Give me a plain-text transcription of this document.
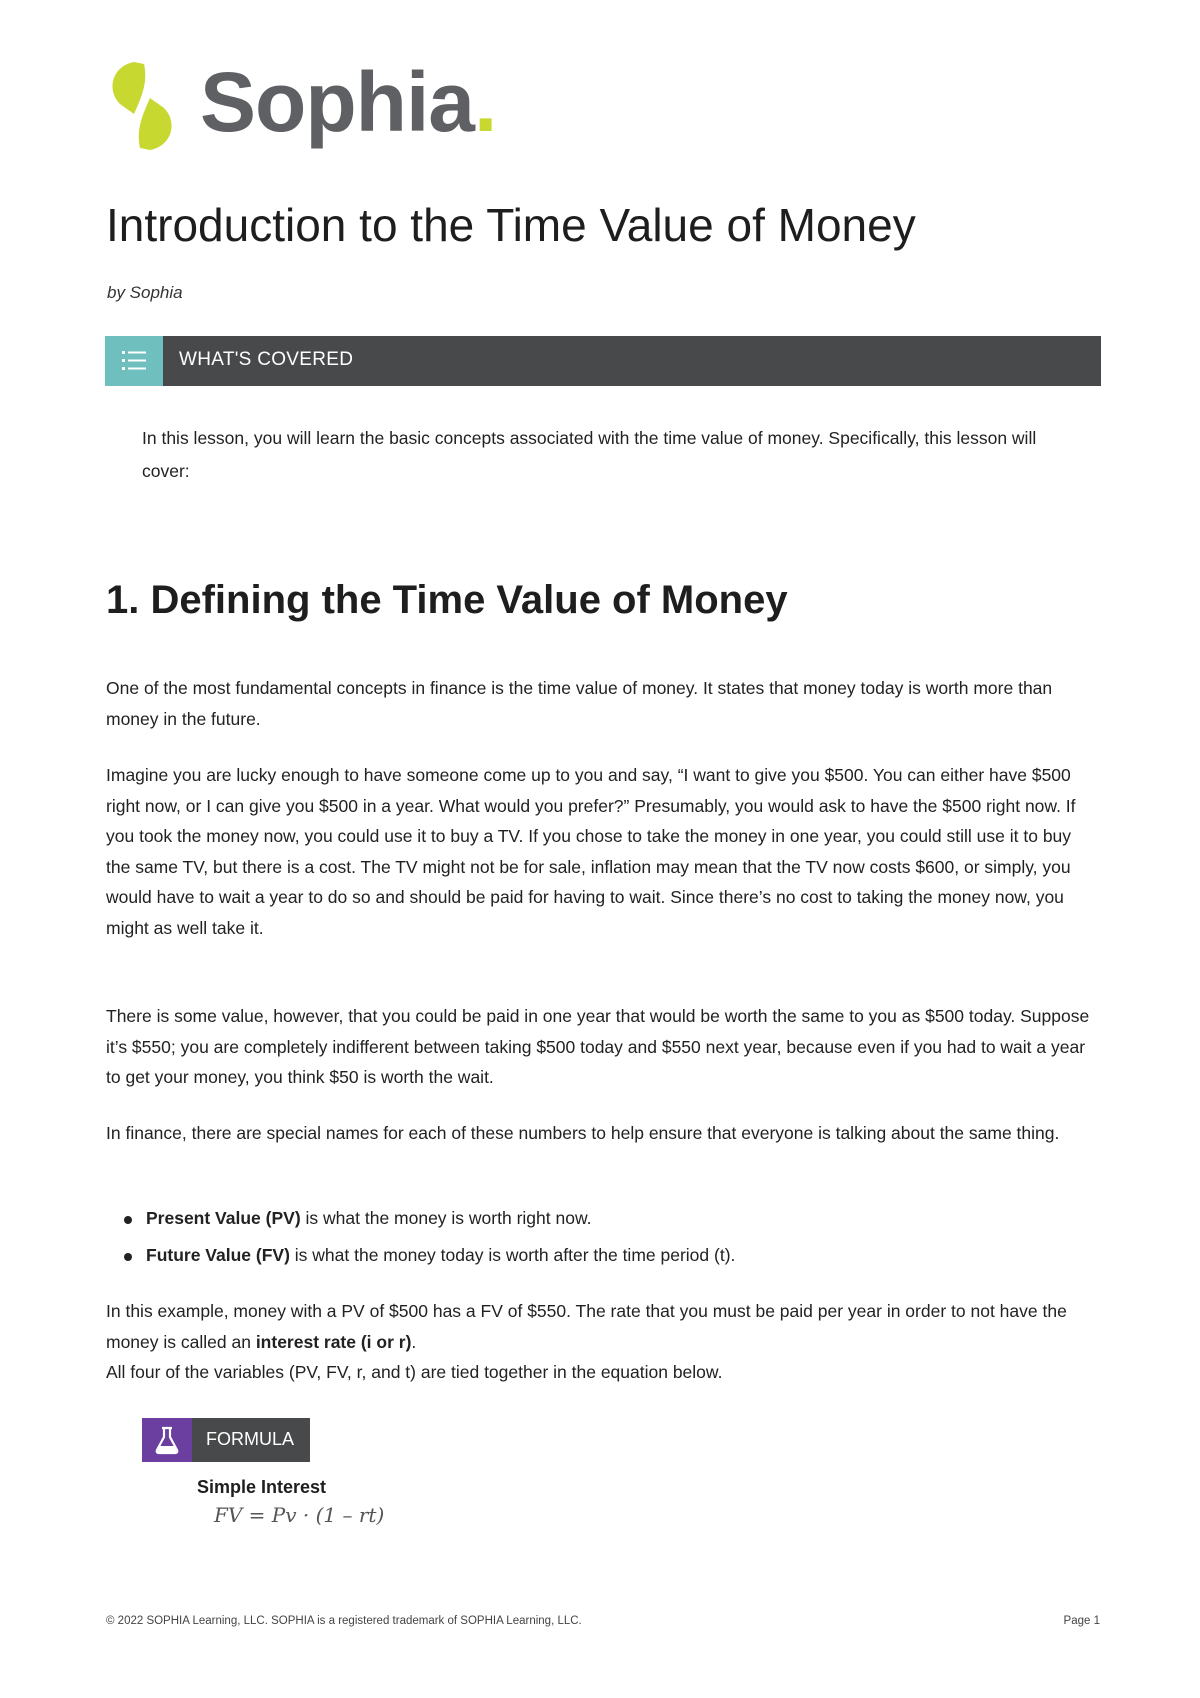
Sophia.
Introduction to the Time Value of Money
by Sophia
WHAT'S COVERED

In this lesson, you will learn the basic concepts associated with the time value of money. Specifically, this lesson will cover:

1. Defining the Time Value of Money

One of the most fundamental concepts in finance is the time value of money. It states that money today is worth more than money in the future.

Imagine you are lucky enough to have someone come up to you and say, “I want to give you $500. You can either have $500 right now, or I can give you $500 in a year. What would you prefer?” Presumably, you would ask to have the $500 right now. If you took the money now, you could use it to buy a TV. If you chose to take the money in one year, you could still use it to buy the same TV, but there is a cost. The TV might not be for sale, inflation may mean that the TV now costs $600, or simply, you would have to wait a year to do so and should be paid for having to wait. Since there’s no cost to taking the money now, you might as well take it.

There is some value, however, that you could be paid in one year that would be worth the same to you as $500 today. Suppose it’s $550; you are completely indifferent between taking $500 today and $550 next year, because even if you had to wait a year to get your money, you think $50 is worth the wait.

In finance, there are special names for each of these numbers to help ensure that everyone is talking about the same thing.

Present Value (PV) is what the money is worth right now.
Future Value (FV) is what the money today is worth after the time period (t).

In this example, money with a PV of $500 has a FV of $550. The rate that you must be paid per year in order to not have the money is called an interest rate (i or r).
All four of the variables (PV, FV, r, and t) are tied together in the equation below.

FORMULA
Simple Interest
FV = Pv · (1 – rt)
© 2022 SOPHIA Learning, LLC. SOPHIA is a registered trademark of SOPHIA Learning, LLC.	Page 1
